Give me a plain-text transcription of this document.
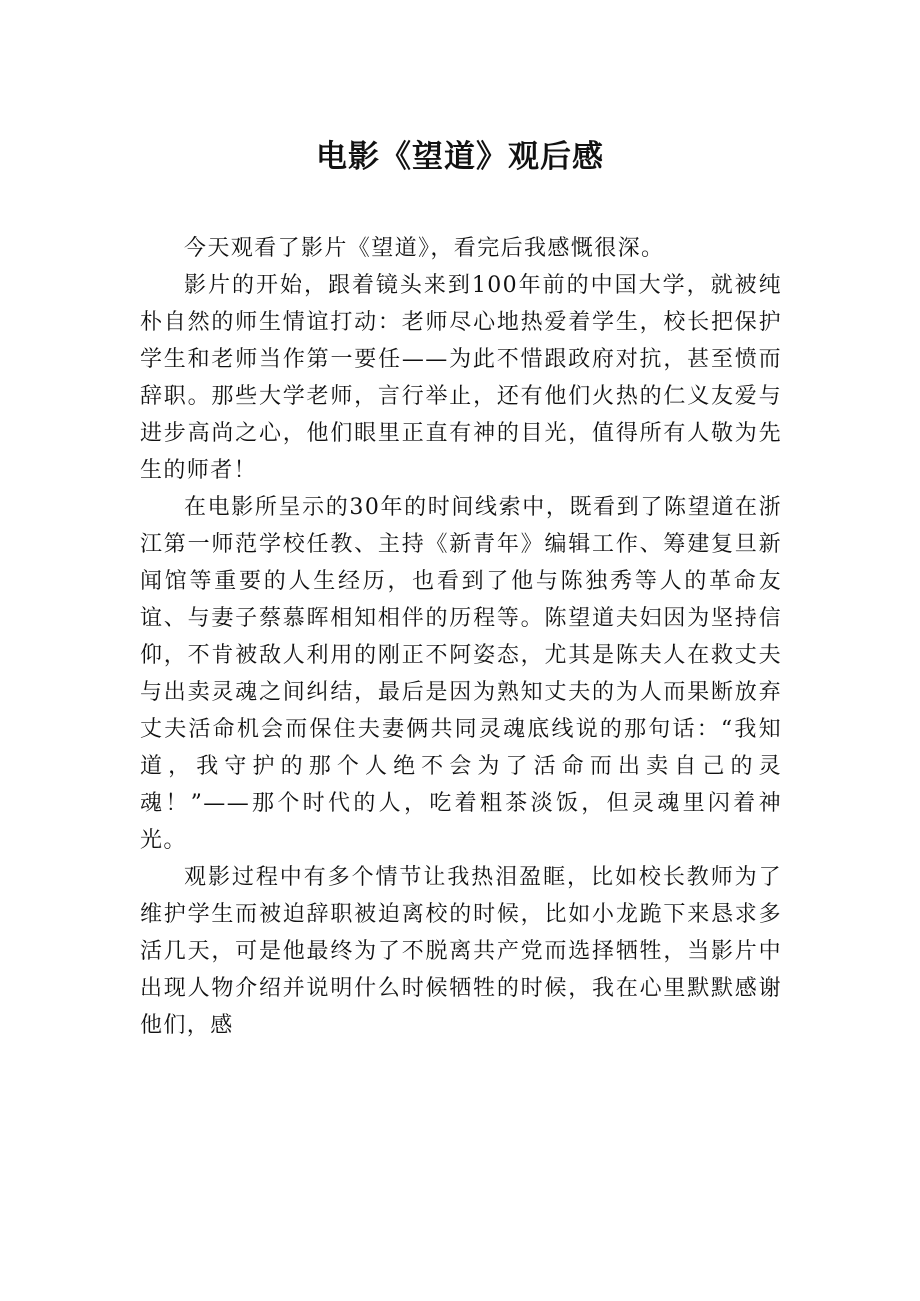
电影《望道》观后感

今天观看了影片《望道》，看完后我感慨很深。

影片的开始，跟着镜头来到100年前的中国大学，就被纯朴自然的师生情谊打动：老师尽心地热爱着学生，校长把保护学生和老师当作第一要任——为此不惜跟政府对抗，甚至愤而辞职。那些大学老师，言行举止，还有他们火热的仁义友爱与进步高尚之心，他们眼里正直有神的目光，值得所有人敬为先生的师者！

在电影所呈示的30年的时间线索中，既看到了陈望道在浙江第一师范学校任教、主持《新青年》编辑工作、筹建复旦新闻馆等重要的人生经历，也看到了他与陈独秀等人的革命友谊、与妻子蔡慕晖相知相伴的历程等。陈望道夫妇因为坚持信仰，不肯被敌人利用的刚正不阿姿态，尤其是陈夫人在救丈夫与出卖灵魂之间纠结，最后是因为熟知丈夫的为人而果断放弃丈夫活命机会而保住夫妻俩共同灵魂底线说的那句话：“我知道，我守护的那个人绝不会为了活命而出卖自己的灵魂！”——那个时代的人，吃着粗茶淡饭，但灵魂里闪着神光。

观影过程中有多个情节让我热泪盈眶，比如校长教师为了维护学生而被迫辞职被迫离校的时候，比如小龙跪下来恳求多活几天，可是他最终为了不脱离共产党而选择牺牲，当影片中出现人物介绍并说明什么时候牺牲的时候，我在心里默默感谢他们，感
